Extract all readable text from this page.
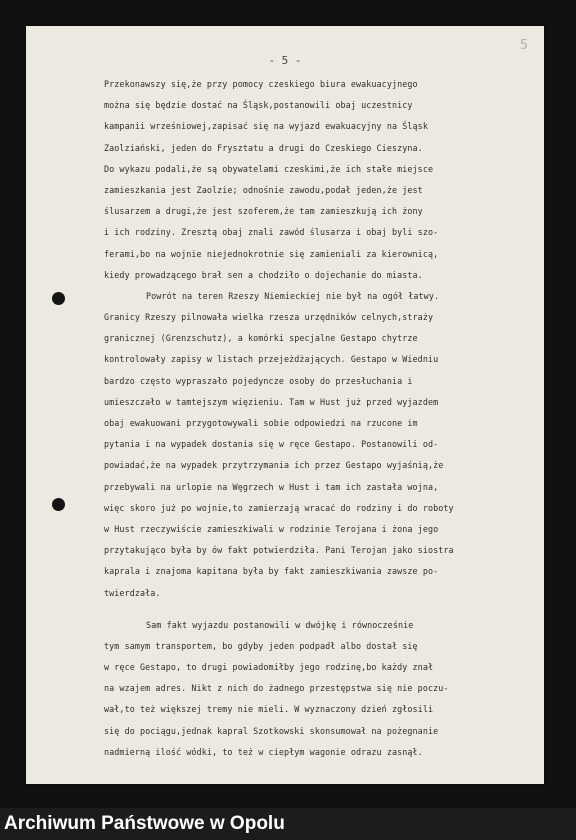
5
- 5 -
Przekonawszy się,że przy pomocy czeskiego biura ewakuacyjnego
można się będzie dostać na Śląsk,postanowili obaj uczestnicy
kampanii wrześniowej,zapisać się na wyjazd ewakuacyjny na Śląsk
Zaolziański, jeden do Frysztatu a drugi do Czeskiego Cieszyna.
Do wykazu podali,że są obywatelami czeskimi,że ich stałe miejsce
zamieszkania jest Zaolzie; odnośnie zawodu,podał jeden,że jest
ślusarzem a drugi,że jest szoferem,że tam zamieszkują ich żony
i ich rodziny. Zresztą obaj znali zawód ślusarza i obaj byli szo-
ferami,bo na wojnie niejednokrotnie się zamieniali za kierownicą,
kiedy prowadzącego brał sen a chodziło o dojechanie do miasta.
Powrót na teren Rzeszy Niemieckiej nie był na ogół łatwy.
Granicy Rzeszy pilnowała wielka rzesza urzędników celnych,straży
granicznej (Grenzschutz), a komórki specjalne Gestapo chytrze
kontrolowały zapisy w listach przejeżdżających. Gestapo w Wiedniu
bardzo często wypraszało pojedyncze osoby do przesłuchania i
umieszczało w tamtejszym więzieniu. Tam w Hust już przed wyjazdem
obaj ewakuowani przygotowywali sobie odpowiedzi na rzucone im
pytania i na wypadek dostania się w ręce Gestapo. Postanowili od-
powiadać,że na wypadek przytrzymania ich przez Gestapo wyjaśnią,że
przebywali na urlopie na Węgrzech w Hust i tam ich zastała wojna,
więc skoro już po wojnie,to zamierzają wracać do rodziny i do roboty
w Hust rzeczywiście zamieszkiwali w rodzinie Terojana i żona jego
przytakująco była by ów fakt potwierdziła. Pani Terojan jako siostra
kaprala i znajoma kapitana była by fakt zamieszkiwania zawsze po-
twierdzała.
Sam fakt wyjazdu postanowili w dwójkę i równocześnie
tym samym transportem, bo gdyby jeden podpadł albo dostał się
w ręce Gestapo, to drugi powiadomiłby jego rodzinę,bo każdy znał
na wzajem adres. Nikt z nich do żadnego przestępstwa się nie poczu-
wał,to też większej tremy nie mieli. W wyznaczony dzień zgłosili
się do pociągu,jednak kapral Szotkowski skonsumował na pożegnanie
nadmierną ilość wódki, to też w ciepłym wagonie odrazu zasnął.
Archiwum Państwowe w Opolu
